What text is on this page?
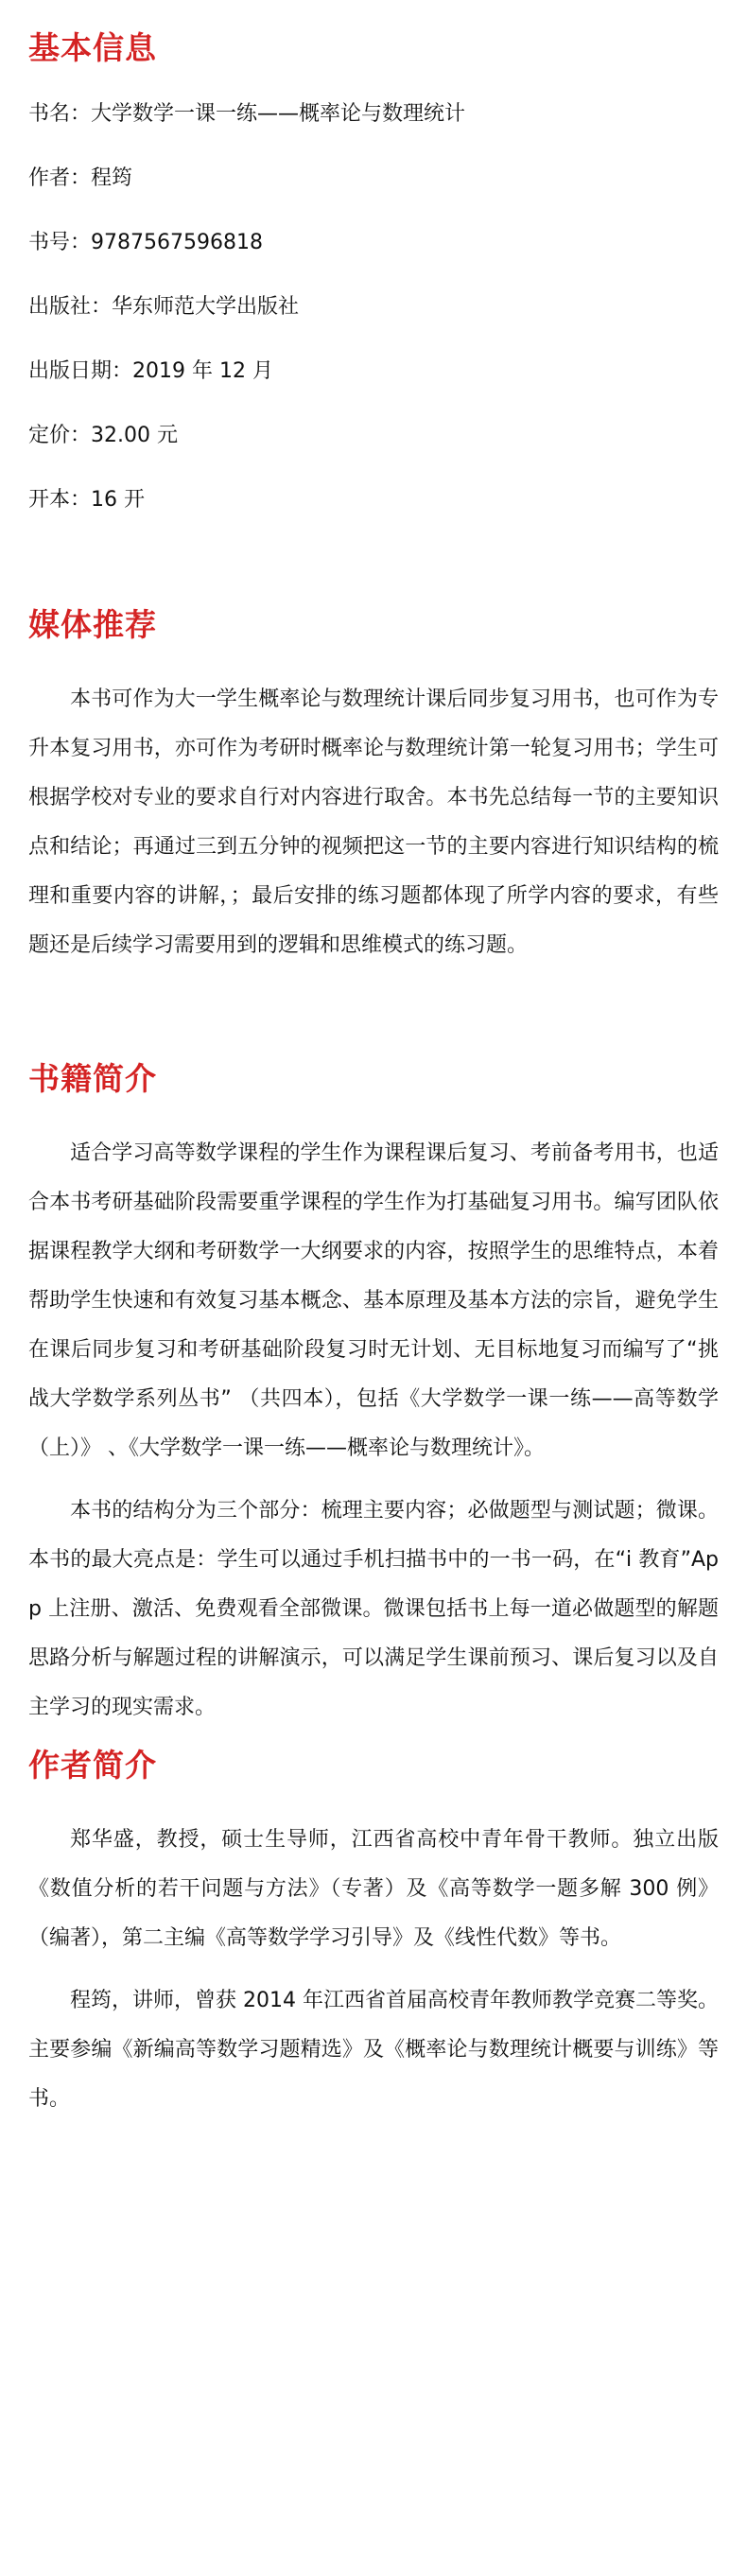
基本信息

书名：大学数学一课一练——概率论与数理统计

作者：程筠

书号：9787567596818

出版社：华东师范大学出版社

出版日期：2019 年 12 月

定价：32.00 元

开本：16 开

媒体推荐

本书可作为大一学生概率论与数理统计课后同步复习用书，也可作为专升本复习用书，亦可作为考研时概率论与数理统计第一轮复习用书；学生可根据学校对专业的要求自行对内容进行取舍。本书先总结每一节的主要知识点和结论；再通过三到五分钟的视频把这一节的主要内容进行知识结构的梳理和重要内容的讲解，；最后安排的练习题都体现了所学内容的要求，有些题还是后续学习需要用到的逻辑和思维模式的练习题。

书籍简介

适合学习高等数学课程的学生作为课程课后复习、考前备考用书，也适合本书考研基础阶段需要重学课程的学生作为打基础复习用书。编写团队依据课程教学大纲和考研数学一大纲要求的内容，按照学生的思维特点，本着帮助学生快速和有效复习基本概念、基本原理及基本方法的宗旨，避免学生在课后同步复习和考研基础阶段复习时无计划、无目标地复习而编写了“挑战大学数学系列丛书” （共四本），包括《大学数学一课一练——高等数学（上）》 、《大学数学一课一练——概率论与数理统计》。

本书的结构分为三个部分：梳理主要内容；必做题型与测试题；微课。本书的最大亮点是：学生可以通过手机扫描书中的一书一码，在“i 教育”App 上注册、激活、免费观看全部微课。微课包括书上每一道必做题型的解题思路分析与解题过程的讲解演示，可以满足学生课前预习、课后复习以及自主学习的现实需求。

作者简介

郑华盛，教授，硕士生导师，江西省高校中青年骨干教师。独立出版《数值分析的若干问题与方法》（专著）及《高等数学一题多解 300 例》（编著），第二主编《高等数学学习引导》及《线性代数》等书。

程筠，讲师，曾获 2014 年江西省首届高校青年教师教学竞赛二等奖。主要参编《新编高等数学习题精选》及《概率论与数理统计概要与训练》等书。
